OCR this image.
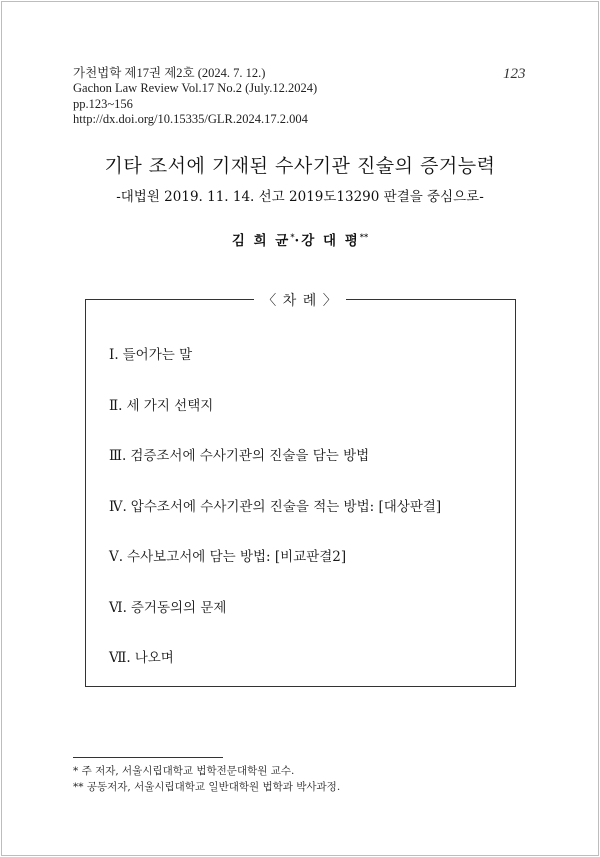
가천법학 제17권 제2호 (2024. 7. 12.)
Gachon Law Review Vol.17 No.2 (July.12.2024)
pp.123~156
http://dx.doi.org/10.15335/GLR.2024.17.2.004
123
기타 조서에 기재된 수사기관 진술의 증거능력
-대법원 2019. 11. 14. 선고 2019도13290 판결을 중심으로-
김 희 균*·강 대 평**
〈 차 례 〉
Ⅰ. 들어가는 말
Ⅱ. 세 가지 선택지
Ⅲ. 검증조서에 수사기관의 진술을 담는 방법
Ⅳ. 압수조서에 수사기관의 진술을 적는 방법: [대상판결]
Ⅴ. 수사보고서에 담는 방법: [비교판결2]
Ⅵ. 증거동의의 문제
Ⅶ. 나오며
* 주 저자, 서울시립대학교 법학전문대학원 교수.
** 공동저자, 서울시립대학교 일반대학원 법학과 박사과정.
